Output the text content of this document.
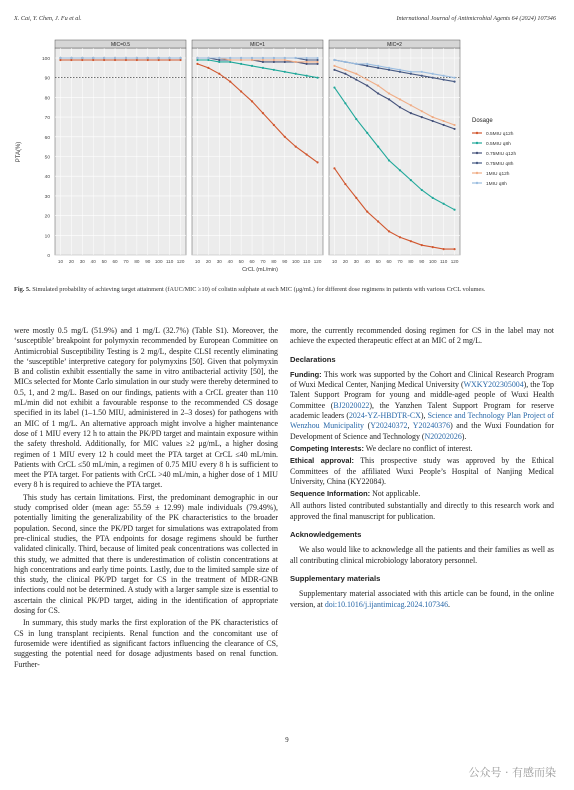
X. Cai, Y. Chen, J. Fu et al.	International Journal of Antimicrobial Agents 64 (2024) 107346
PTA(%)
0
10
20
30
40
50
60
70
80
90
100
MIC=0.5
10 20 30 40 50 60 70 80 90 100 110 120
MIC=1
10 20 30 40 50 60 70 80 90 100 110 120
MIC=2
10 20 30 40 50 60 70 80 90 100 110 120
CrCL (mL/min)
Dosage
0.5MIU q12h
0.5MIU q8h
0.75MIU q12h
0.75MIU q8h
1MIU q12h
1MIU q8h
Fig. 5. Simulated probability of achieving target attainment (fAUC/MIC ≥10) of colistin sulphate at each MIC (μg/mL) for different dose regimens in patients with various CrCL volumes.

were mostly 0.5 mg/L (51.9%) and 1 mg/L (32.7%) (Table S1). Moreover, the ‘susceptible’ breakpoint for polymyxin recommended by European Committee on Antimicrobial Susceptibility Testing is 2 mg/L, despite CLSI recently eliminating the ‘susceptible’ interpretive category for polymyxins [50]. Given that polymyxin B and colistin exhibit essentially the same in vitro antibacterial activity [50], the MICs selected for Monte Carlo simulation in our study were thereby determined to 0.5, 1, and 2 mg/L. Based on our findings, patients with a CrCL greater than 110 mL/min did not exhibit a favourable response to the recommended CS dosage specified in its label (1–1.50 MIU, administered in 2–3 doses) for pathogens with an MIC of 1 mg/L. An alternative approach might involve a higher maintenance dose of 1 MIU every 12 h to attain the PK/PD target and maintain exposure within the safety threshold. Additionally, for MIC values ≥2 μg/mL, a higher dosing regimen of 1 MIU every 12 h could meet the PTA target at CrCL ≤40 mL/min. Patients with CrCL ≤50 mL/min, a regimen of 0.75 MIU every 8 h is sufficient to meet the PTA target. For patients with CrCL >40 mL/min, a higher dose of 1 MIU every 8 h is required to achieve the PTA target.

This study has certain limitations. First, the predominant demographic in our study comprised older (mean age: 55.59 ± 12.99) male individuals (79.49%), potentially limiting the generalizability of the PK characteristics to the broader population. Second, since the PK/PD target for simulations was extrapolated from pre-clinical studies, the PTA endpoints for dosage regimens should be further validated clinically. Third, because of limited peak concentrations was collected in this study, we admitted that there is underestimation of colistin concentrations at high concentrations and early time points. Lastly, due to the limited sample size of this study, the clinical PK/PD target for CS in the treatment of MDR-GNB infections could not be determined. A study with a larger sample size is essential to ascertain the clinical PK/PD target, aiding in the identification of appropriate dosing for CS.

In summary, this study marks the first exploration of the PK characteristics of CS in lung transplant recipients. Renal function and the concomitant use of furosemide were identified as significant factors influencing the clearance of CS, suggesting the potential need for dosage adjustments based on renal function. Further-

more, the currently recommended dosing regimen for CS in the label may not achieve the expected therapeutic effect at an MIC of 2 mg/L.

Declarations

Funding: This work was supported by the Cohort and Clinical Research Program of Wuxi Medical Center, Nanjing Medical University (WXKY202305004), the Top Talent Support Program for young and middle-aged people of Wuxi Health Committee (BJ2020022), the Yanzhen Talent Support Program for reserve academic leaders (2024-YZ-HBDTR-CX), Science and Technology Plan Project of Wenzhou Municipality (Y20240372, Y20240376) and the Wuxi Foundation for Development of Science and Technology (N20202026).

Competing Interests: We declare no conflict of interest.

Ethical approval: This prospective study was approved by the Ethical Committees of the affiliated Wuxi People’s Hospital of Nanjing Medical University, China (KY22084).

Sequence Information: Not applicable.

All authors listed contributed substantially and directly to this research work and approved the final manuscript for publication.

Acknowledgements

We also would like to acknowledge all the patients and their families as well as all contributing clinical microbiology laboratory personnel.

Supplementary materials

Supplementary material associated with this article can be found, in the online version, at doi:10.1016/j.ijantimicag.2024.107346.

9
公众号 · 有感而染
